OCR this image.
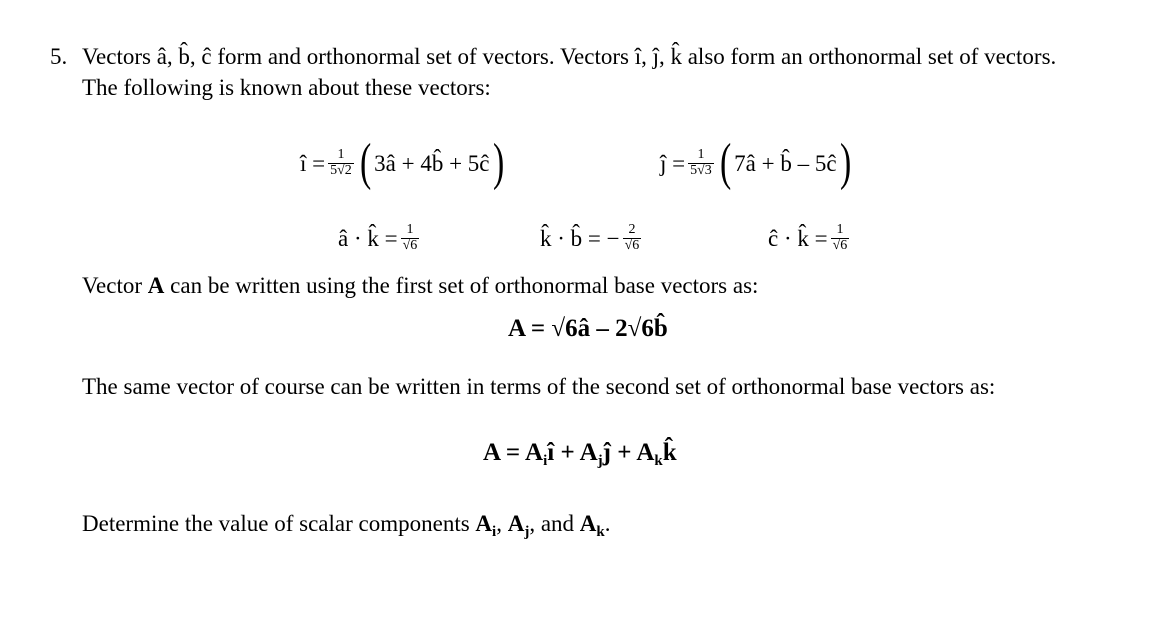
5. Vectors â, b̂, ĉ form and orthonormal set of vectors. Vectors î, ĵ, k̂ also form an orthonormal set of vectors.
The following is known about these vectors:
î = $\frac{1}{5√2}$ ( 3â + 4b̂ + 5ĉ )	ĵ = $\frac{1}{5√3}$ ( 7â + b̂ – 5ĉ )
â · k̂ = $\frac{1}{√6}$	k̂ · b̂ = − $\frac{2}{√6}$	ĉ · k̂ = $\frac{1}{√6}$
Vector A can be written using the first set of orthonormal base vectors as:
A = √6â – 2√6b̂
The same vector of course can be written in terms of the second set of orthonormal base vectors as:
$A = A_iî$ + $A_jĵ$ + $A_kk̂$
Determine the value of scalar components $A_i$, $A_j$, and $A_k$.
